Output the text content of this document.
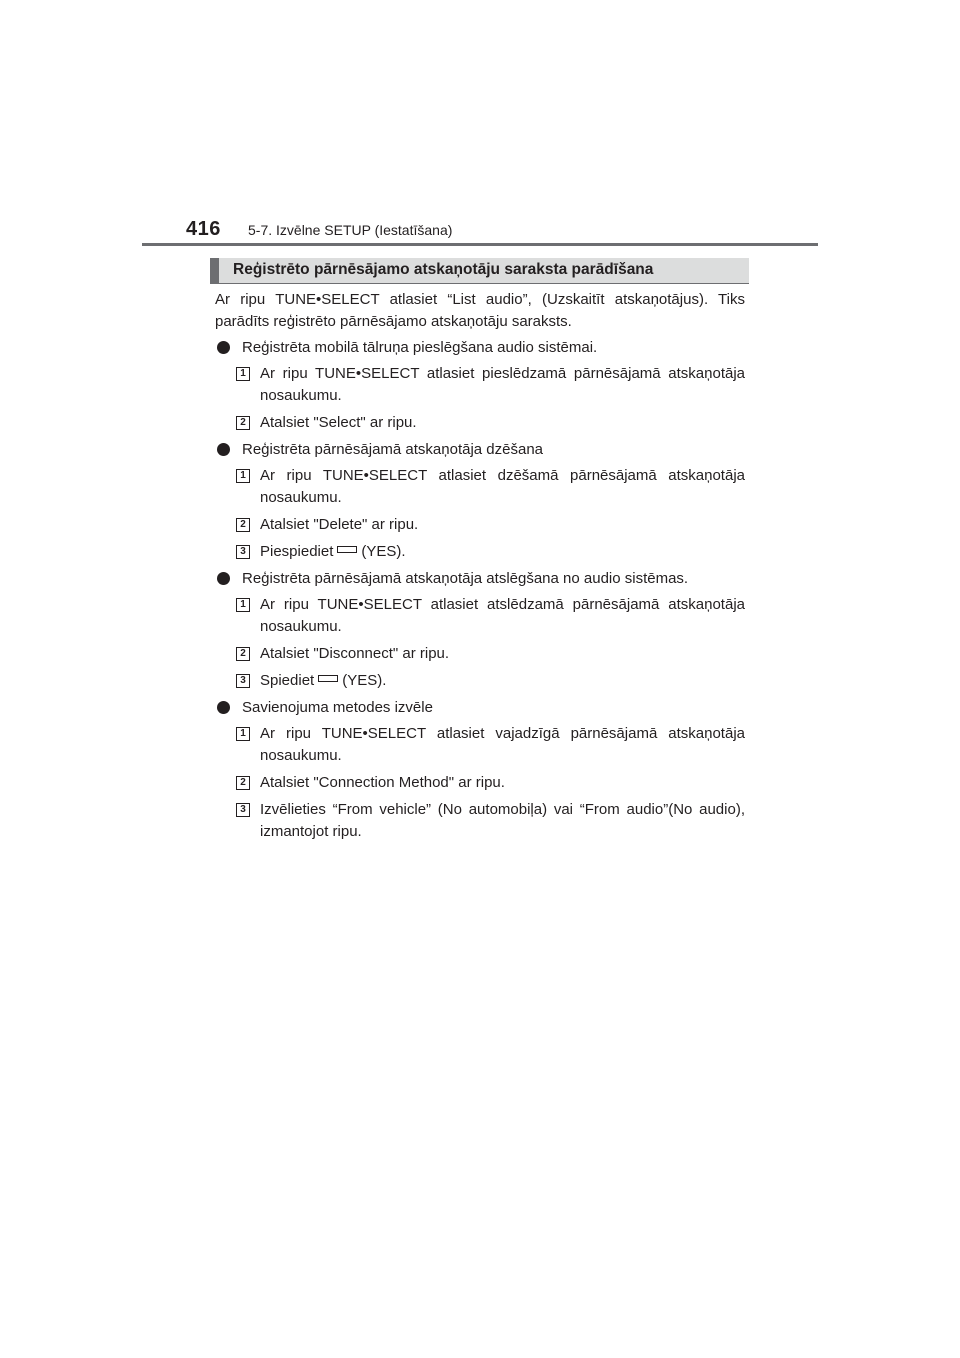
416 5-7. Izvēlne SETUP (Iestatīšana)
Reģistrēto pārnēsājamo atskaņotāju saraksta parādīšana

Ar ripu TUNE•SELECT atlasiet “List audio”, (Uzskaitīt atskaņotājus). Tiks parādīts reģistrēto pārnēsājamo atskaņotāju saraksts.

Reģistrēta mobilā tālruņa pieslēgšana audio sistēmai.
1 Ar ripu TUNE•SELECT atlasiet pieslēdzamā pārnēsājamā atskaņotāja nosaukumu.
2 Atalsiet "Select" ar ripu.
Reģistrēta pārnēsājamā atskaņotāja dzēšana
1 Ar ripu TUNE•SELECT atlasiet dzēšamā pārnēsājamā atskaņotāja nosaukumu.
2 Atalsiet "Delete" ar ripu.
3 Piespiediet (YES).
Reģistrēta pārnēsājamā atskaņotāja atslēgšana no audio sistēmas.
1 Ar ripu TUNE•SELECT atlasiet atslēdzamā pārnēsājamā atskaņotāja nosaukumu.
2 Atalsiet "Disconnect" ar ripu.
3 Spiediet (YES).
Savienojuma metodes izvēle
1 Ar ripu TUNE•SELECT atlasiet vajadzīgā pārnēsājamā atskaņotāja nosaukumu.
2 Atalsiet "Connection Method" ar ripu.
3 Izvēlieties “From vehicle” (No automobiļa) vai “From audio”(No audio), izmantojot ripu.
